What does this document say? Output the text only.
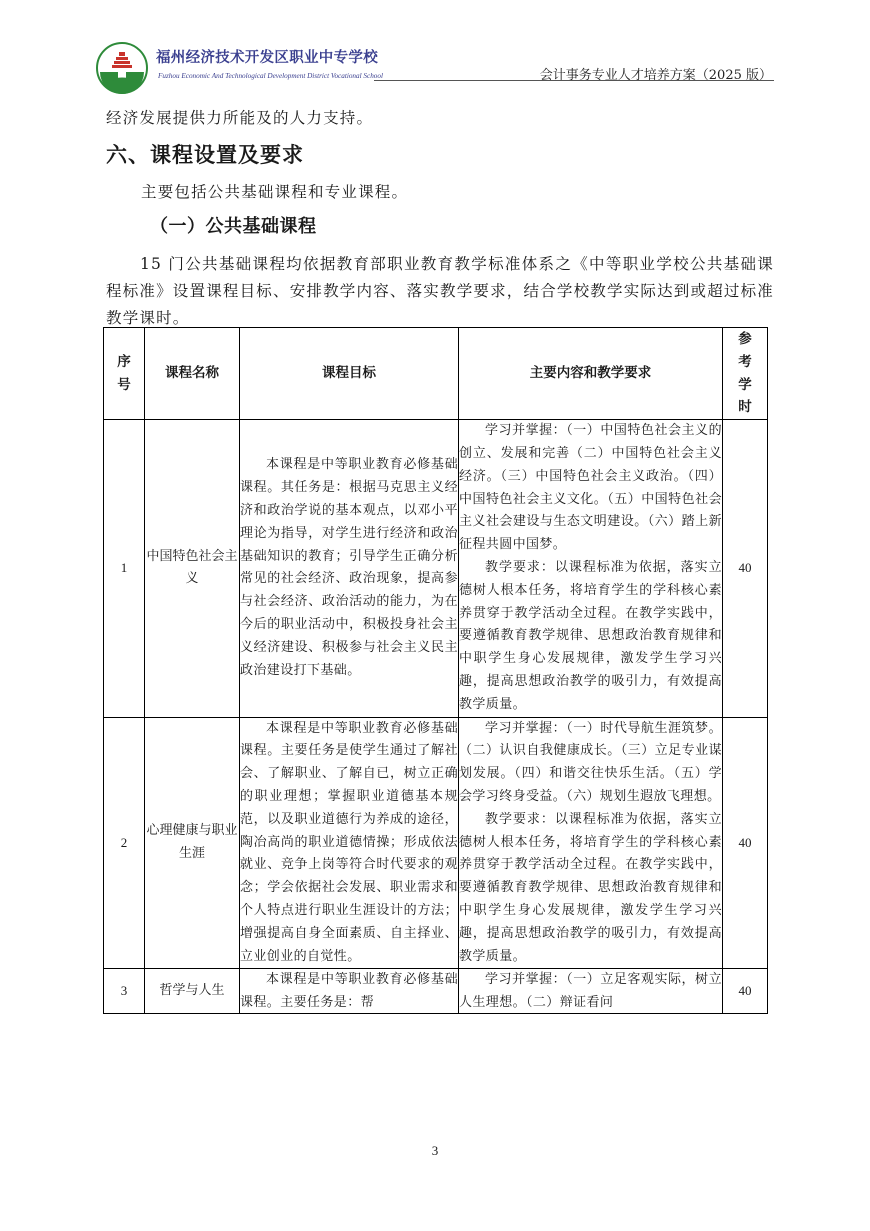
福州经济技术开发区职业中专学校
Fuzhou Economic And Technological Development District Vocational School	会计事务专业人才培养方案（2025 版）
经济发展提供力所能及的人力支持。
六、课程设置及要求
主要包括公共基础课程和专业课程。
（一）公共基础课程

15 门公共基础课程均依据教育部职业教育教学标准体系之《中等职业学校公共基础课程标准》设置课程目标、安排教学内容、落实教学要求，结合学校教学实际达到或超过标准教学课时。

序号	课程名称	课程目标	主要内容和教学要求	参考学时
1	中国特色社会主义	本课程是中等职业教育必修基础课程。其任务是：根据马克思主义经济和政治学说的基本观点，以邓小平理论为指导，对学生进行经济和政治基础知识的教育；引导学生正确分析常见的社会经济、政治现象，提高参与社会经济、政治活动的能力，为在今后的职业活动中，积极投身社会主义经济建设、积极参与社会主义民主政治建设打下基础。	学习并掌握：（一）中国特色社会主义的创立、发展和完善（二）中国特色社会主义经济。（三）中国特色社会主义政治。（四）中国特色社会主义文化。（五）中国特色社会主义社会建设与生态文明建设。（六）踏上新征程共圆中国梦。

教学要求：以课程标准为依据，落实立德树人根本任务，将培育学生的学科核心素养贯穿于教学活动全过程。在教学实践中，要遵循教育教学规律、思想政治教育规律和中职学生身心发展规律，激发学生学习兴趣，提高思想政治教学的吸引力，有效提高教学质量。	40
2	心理健康与职业生涯	本课程是中等职业教育必修基础课程。主要任务是使学生通过了解社会、了解职业、了解自已，树立正确的职业理想；掌握职业道德基本规范，以及职业道德行为养成的途径，陶冶高尚的职业道德情操；形成依法就业、竞争上岗等符合时代要求的观念；学会依据社会发展、职业需求和个人特点进行职业生涯设计的方法；增强提高自身全面素质、自主择业、立业创业的自觉性。	学习并掌握：（一）时代导航生涯筑梦。（二）认识自我健康成长。（三）立足专业谋划发展。（四）和谐交往快乐生活。（五）学会学习终身受益。（六）规划生遐放飞理想。

教学要求：以课程标准为依据，落实立德树人根本任务，将培育学生的学科核心素养贯穿于教学活动全过程。在教学实践中，要遵循教育教学规律、思想政治教育规律和中职学生身心发展规律，激发学生学习兴趣，提高思想政治教学的吸引力，有效提高教学质量。	40
3	哲学与人生	本课程是中等职业教育必修基础课程。主要任务是：帮	学习并掌握：（一）立足客观实际，树立人生理想。（二）辩证看问	40
3
